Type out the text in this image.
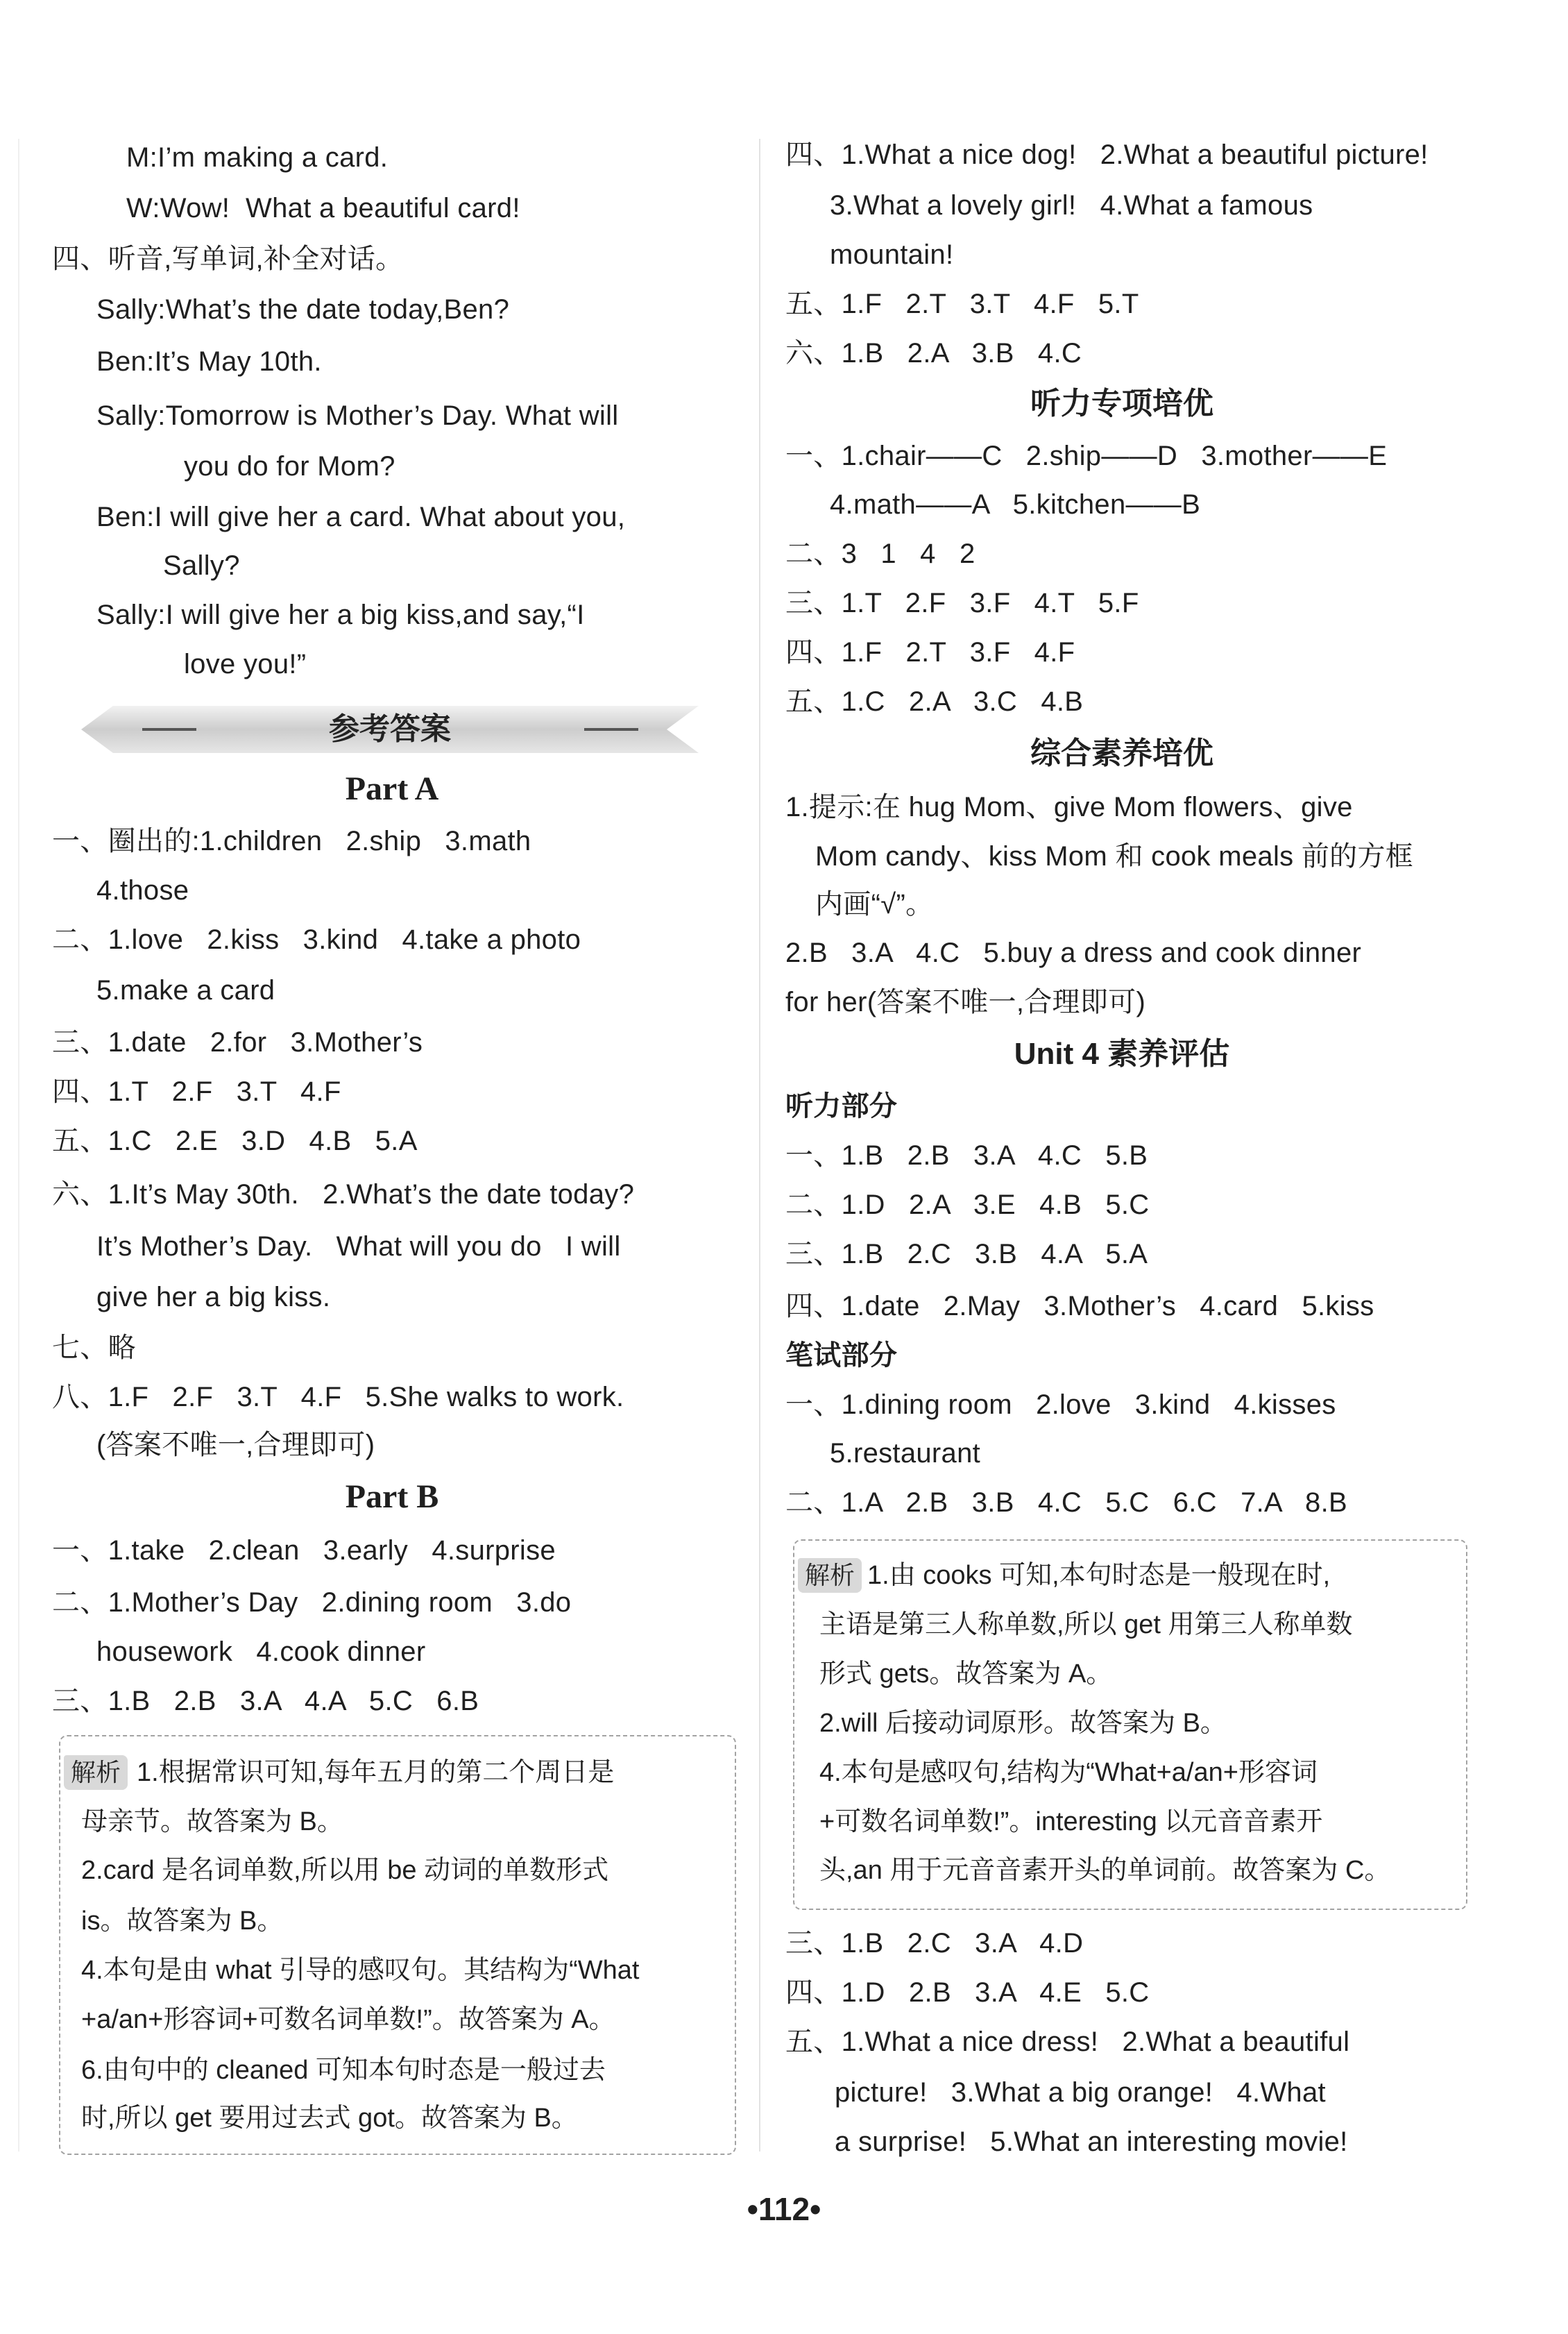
M:I’m making a card.
W:Wow!  What a beautiful card!
四、听音,写单词,补全对话。
Sally:What’s the date today,Ben?
Ben:It’s May 10th.
Sally:Tomorrow is Mother’s Day. What will
you do for Mom?
Ben:I will give her a card. What about you,
Sally?
Sally:I will give her a big kiss,and say,“I
love you!”
参考答案
Part A
一、圈出的:1.children   2.ship   3.math
4.those
二、1.love   2.kiss   3.kind   4.take a photo
5.make a card
三、1.date   2.for   3.Mother’s
四、1.T   2.F   3.T   4.F
五、1.C   2.E   3.D   4.B   5.A
六、1.It’s May 30th.   2.What’s the date today?
It’s Mother’s Day.   What will you do   I will
give her a big kiss.
七、略
八、1.F   2.F   3.T   4.F   5.She walks to work.
(答案不唯一,合理即可)
Part B
一、1.take   2.clean   3.early   4.surprise
二、1.Mother’s Day   2.dining room   3.do
housework   4.cook dinner
三、1.B   2.B   3.A   4.A   5.C   6.B
解析 1.根据常识可知,每年五月的第二个周日是
母亲节。故答案为 B。
2.card 是名词单数,所以用 be 动词的单数形式
is。故答案为 B。
4.本句是由 what 引导的感叹句。其结构为“What
+a/an+形容词+可数名词单数!”。故答案为 A。
6.由句中的 cleaned 可知本句时态是一般过去
时,所以 get 要用过去式 got。故答案为 B。
四、1.What a nice dog!   2.What a beautiful picture!
3.What a lovely girl!   4.What a famous
mountain!
五、1.F   2.T   3.T   4.F   5.T
六、1.B   2.A   3.B   4.C
听力专项培优
一、1.chair——C   2.ship——D   3.mother——E
4.math——A   5.kitchen——B
二、3   1   4   2
三、1.T   2.F   3.F   4.T   5.F
四、1.F   2.T   3.F   4.F
五、1.C   2.A   3.C   4.B
综合素养培优
1.提示:在 hug Mom、give Mom flowers、give
Mom candy、kiss Mom 和 cook meals 前的方框
内画“√”。
2.B   3.A   4.C   5.buy a dress and cook dinner
for her(答案不唯一,合理即可)
Unit 4 素养评估
听力部分
一、1.B   2.B   3.A   4.C   5.B
二、1.D   2.A   3.E   4.B   5.C
三、1.B   2.C   3.B   4.A   5.A
四、1.date   2.May   3.Mother’s   4.card   5.kiss
笔试部分
一、1.dining room   2.love   3.kind   4.kisses
5.restaurant
二、1.A   2.B   3.B   4.C   5.C   6.C   7.A   8.B
解析 1.由 cooks 可知,本句时态是一般现在时,
主语是第三人称单数,所以 get 用第三人称单数
形式 gets。故答案为 A。
2.will 后接动词原形。故答案为 B。
4.本句是感叹句,结构为“What+a/an+形容词
+可数名词单数!”。interesting 以元音音素开
头,an 用于元音音素开头的单词前。故答案为 C。
三、1.B   2.C   3.A   4.D
四、1.D   2.B   3.A   4.E   5.C
五、1.What a nice dress!   2.What a beautiful
picture!   3.What a big orange!   4.What
a surprise!   5.What an interesting movie!
•112•
